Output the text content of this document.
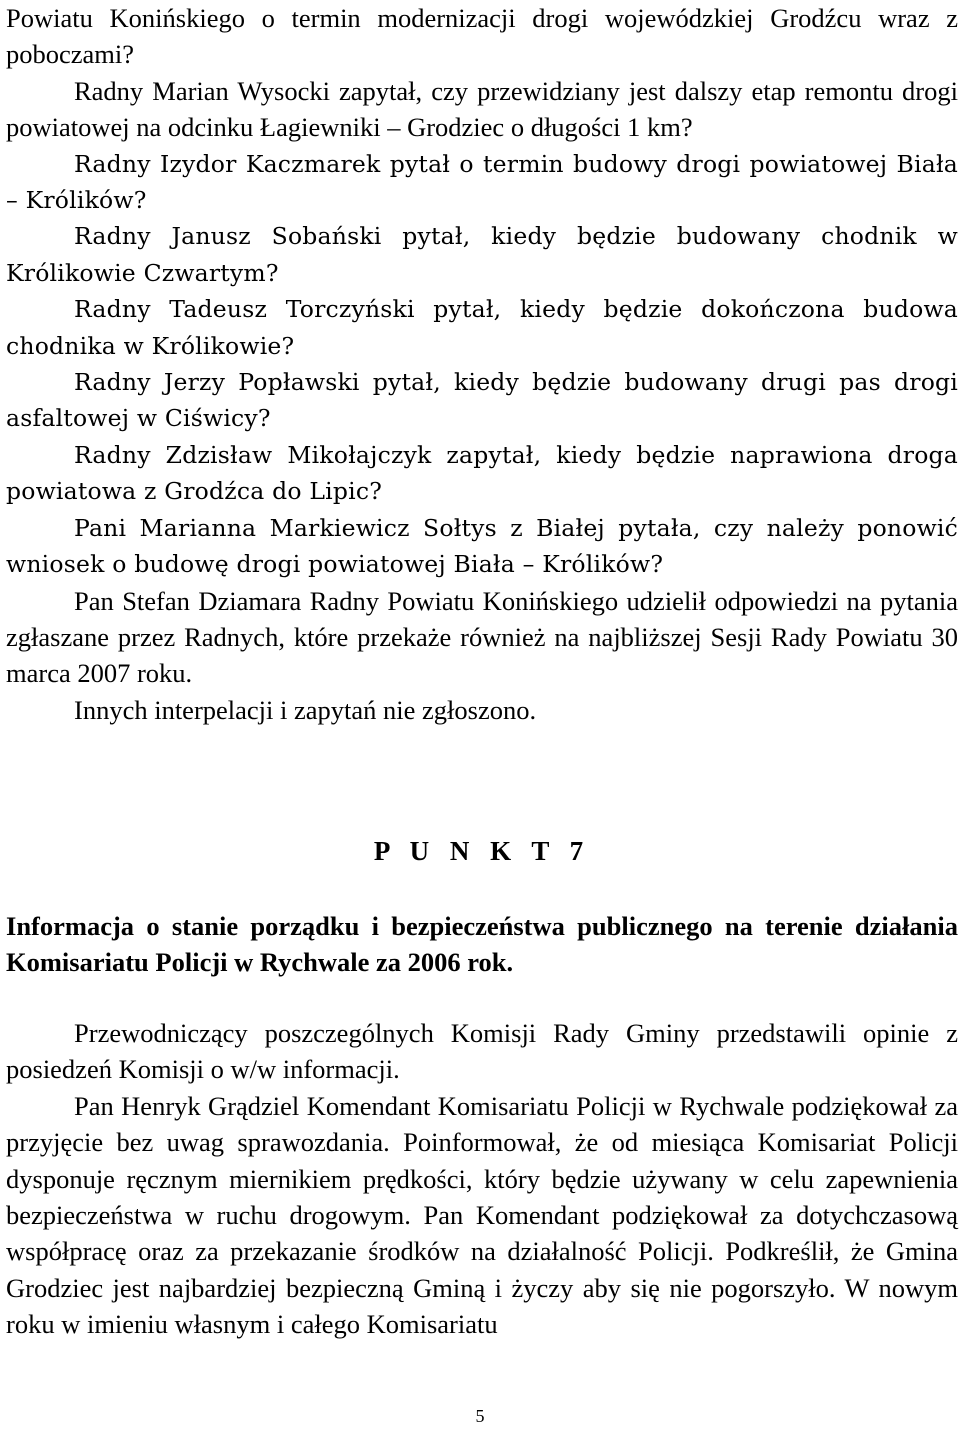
Powiatu Konińskiego o termin modernizacji drogi wojewódzkiej Grodźcu wraz z poboczami?

Radny Marian Wysocki zapytał, czy przewidziany jest dalszy etap remontu drogi powiatowej na odcinku Łagiewniki – Grodziec o długości 1 km?

Radny Izydor Kaczmarek pytał o termin budowy drogi powiatowej Biała – Królików?

Radny Janusz Sobański pytał, kiedy będzie budowany chodnik w Królikowie Czwartym?

Radny Tadeusz Torczyński pytał, kiedy będzie dokończona budowa chodnika w Królikowie?

Radny Jerzy Popławski pytał, kiedy będzie budowany drugi pas drogi asfaltowej w Ciświcy?

Radny Zdzisław Mikołajczyk zapytał, kiedy będzie naprawiona droga powiatowa z Grodźca do Lipic?

Pani Marianna Markiewicz Sołtys z Białej pytała, czy należy ponowić wniosek o budowę drogi powiatowej Biała – Królików?

Pan Stefan Dziamara Radny Powiatu Konińskiego udzielił odpowiedzi na pytania zgłaszane przez Radnych, które przekaże również na najbliższej Sesji Rady Powiatu 30 marca 2007 roku.

Innych interpelacji i zapytań nie zgłoszono.

P U N K T 7

Informacja o stanie porządku i bezpieczeństwa publicznego na terenie działania Komisariatu Policji w Rychwale za 2006 rok.

Przewodniczący poszczególnych Komisji Rady Gminy przedstawili opinie z posiedzeń Komisji o w/w informacji.

Pan Henryk Grądziel Komendant Komisariatu Policji w Rychwale podziękował za przyjęcie bez uwag sprawozdania. Poinformował, że od miesiąca Komisariat Policji dysponuje ręcznym miernikiem prędkości, który będzie używany w celu zapewnienia bezpieczeństwa w ruchu drogowym. Pan Komendant podziękował za dotychczasową współpracę oraz za przekazanie środków na działalność Policji. Podkreślił, że Gmina Grodziec jest najbardziej bezpieczną Gminą i życzy aby się nie pogorszyło. W nowym roku w imieniu własnym i całego Komisariatu

5
